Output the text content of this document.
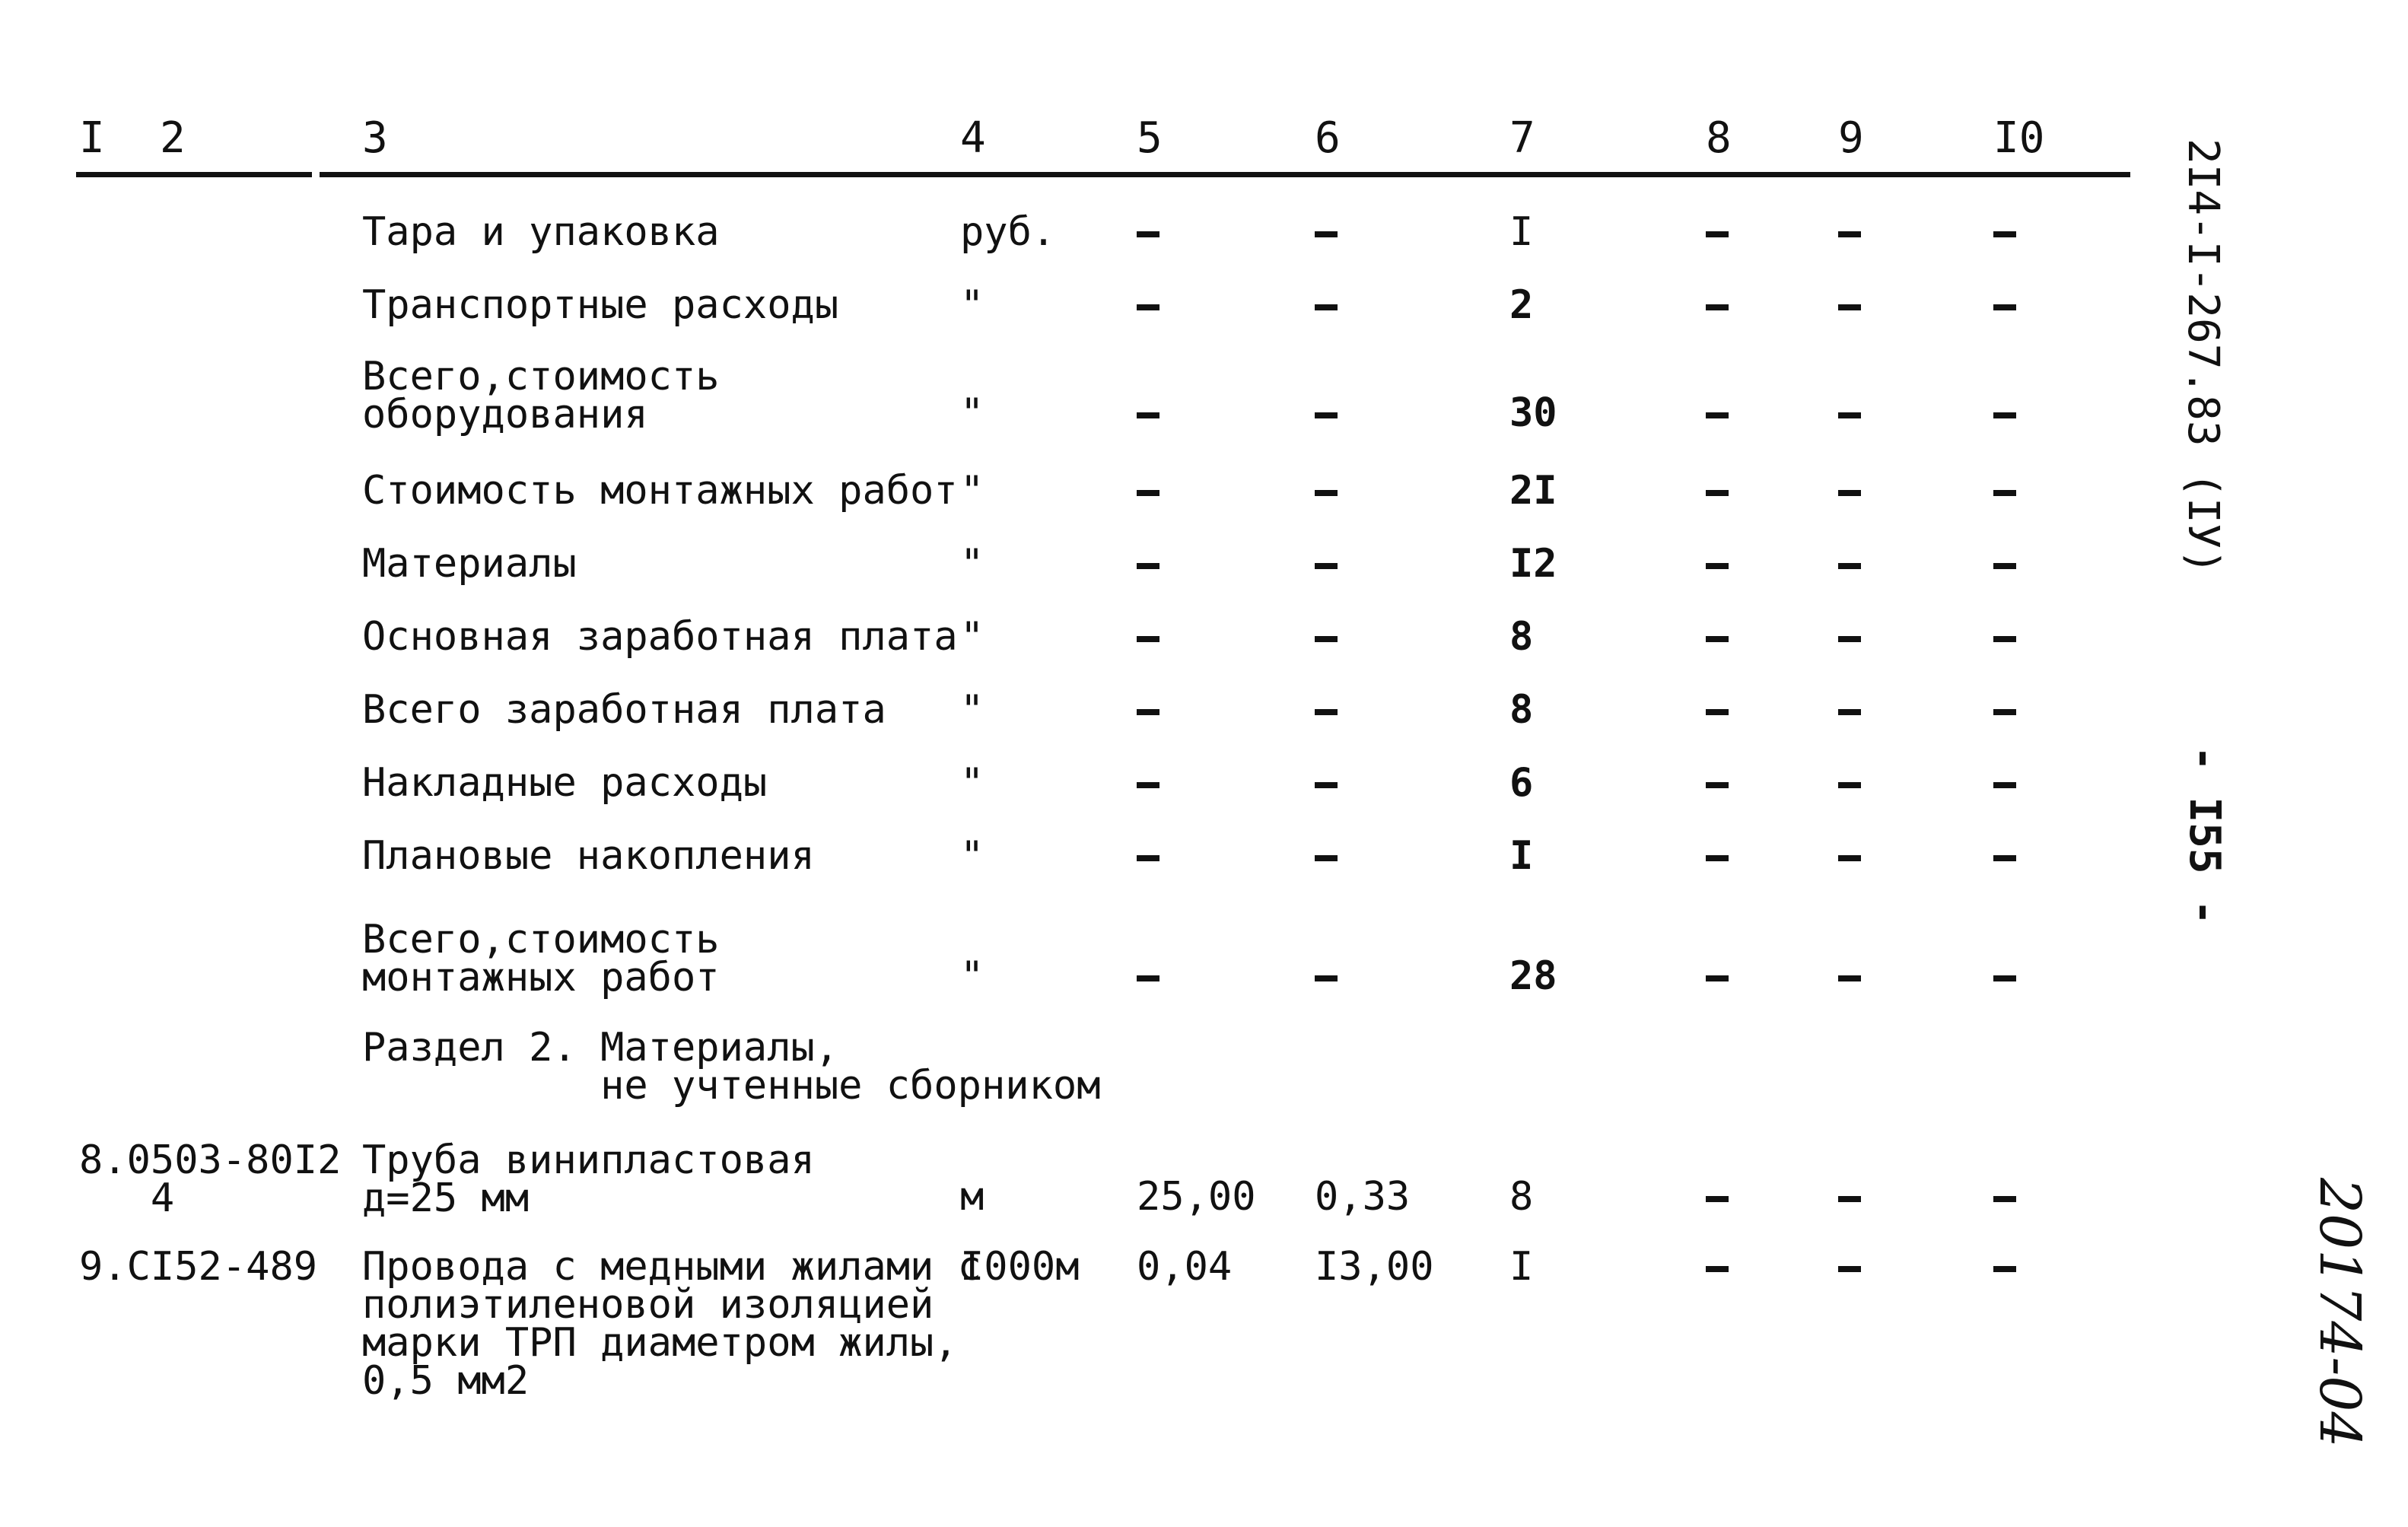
I 2	3	4	5	6	7	8	9	I0
Тара и упаковка	руб.	I
Транспортные расходы	"	2
Всего,стоимость
оборудования	"	30
Стоимость монтажных работ "	2I
Материалы	"	I2
Основная заработная плата "	8
Всего заработная плата "	8
Накладные расходы	"	6
Плановые накопления	"	I
Всего,стоимость
монтажных работ	"	28
8.0503-80I2
4
Труба винипластовая
д=25 мм	м	25,00 0,33	8
9.CI52-489 Провода с медными жилами с
полиэтиленовой изоляцией
марки ТРП диаметром жилы,
0,5 мм2
I000м 0,04 I3,00 I
Раздел 2. Материалы,
не учтенные сборником
2I4-I-267.83 (IУ)
- I55 -
20174-04
